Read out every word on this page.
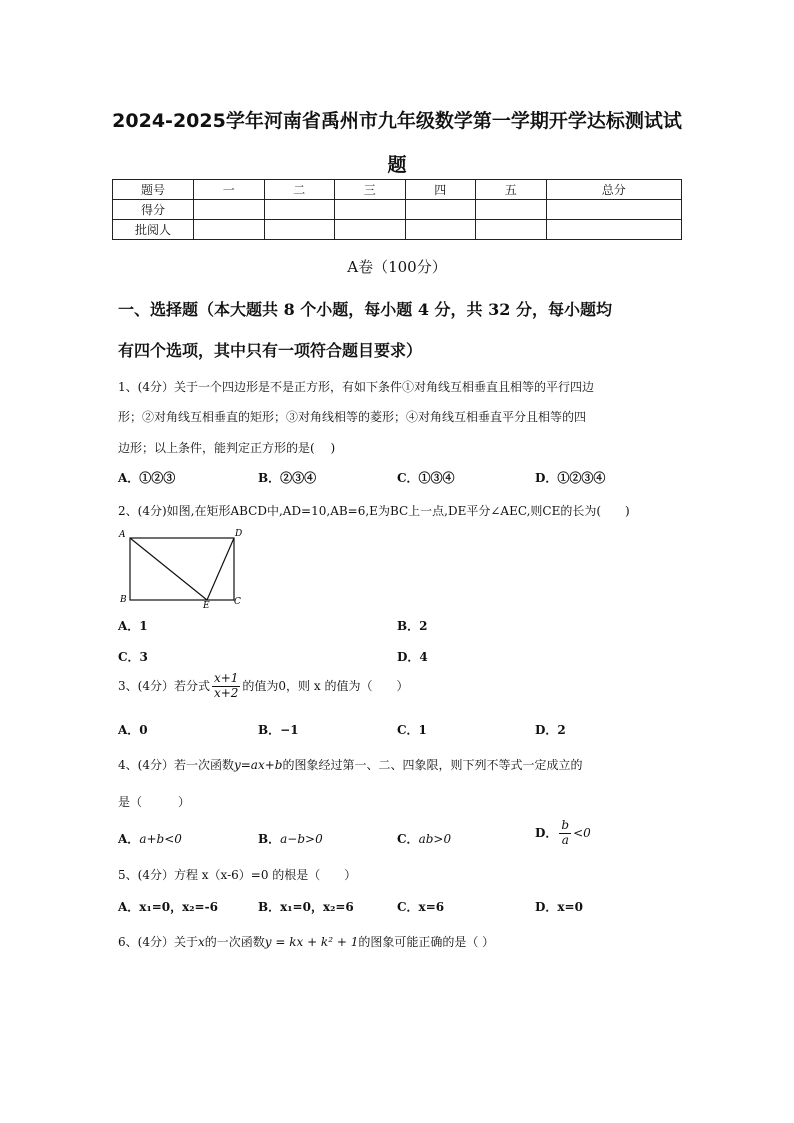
2024-2025学年河南省禹州市九年级数学第一学期开学达标测试试
题
题号	一	二	三	四	五	总分
得分						
批阅人						
A卷（100分）
一、选择题（本大题共 8 个小题，每小题 4 分，共 32 分，每小题均
有四个选项，其中只有一项符合题目要求）
1、(4分）关于一个四边形是不是正方形，有如下条件①对角线互相垂直且相等的平行四边
形；②对角线互相垂直的矩形；③对角线相等的菱形；④对角线互相垂直平分且相等的四
边形；以上条件，能判定正方形的是(　 )
A．①②③	B．②③④	C．①③④	D．①②③④
2、(4分)如图,在矩形ABCD中,AD=10,AB=6,E为BC上一点,DE平分∠AEC,则CE的长为(　　)
A	D
B	C
E
A．1	B．2
C．3	D．4
3、(4分）若分式 $\frac{x+1}{x+2}$ 的值为0，则 x 的值为（　　）
A．0	B．−1	C．1	D．2
4、(4分）若一次函数y=ax+b的图象经过第一、二、四象限，则下列不等式一定成立的
是（　　　）
A．a+b<0	B．a−b>0	C．ab>0	D． $\frac{b}{a} <0$
5、(4分）方程 x（x-6）=0 的根是（　　）
A．x₁=0，x₂=-6	B．x₁=0，x₂=6	C．x=6	D．x=0
6、(4分）关于x的一次函数y = kx + k² + 1的图象可能正确的是（ ）
